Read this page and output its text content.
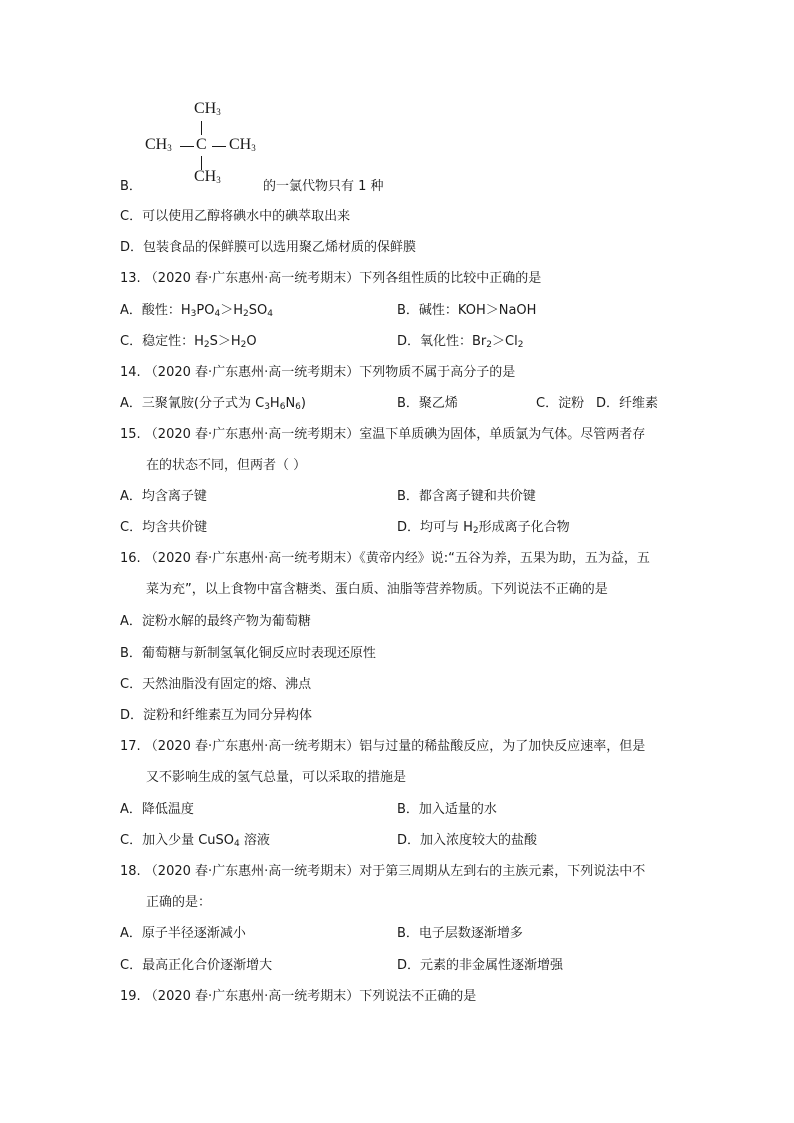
$CH_3$
$CH_3$ C $CH_3$
$CH_3$
B．	的一氯代物只有 1 种
C．可以使用乙醇将碘水中的碘萃取出来
D．包装食品的保鲜膜可以选用聚乙烯材质的保鲜膜
13. （2020 春·广东惠州·高一统考期末）下列各组性质的比较中正确的是
A．酸性：$H_3PO_4>H_2SO_4$	B．碱性：KOH＞NaOH
C．稳定性：$H_2S>H_2O$	D．氧化性：$Br_2>Cl_2$
14. （2020 春·广东惠州·高一统考期末）下列物质不属于高分子的是
A．三聚氰胺(分子式为 $C_3H_6N_6$)	B．聚乙烯	C．淀粉 D．纤维素
15. （2020 春·广东惠州·高一统考期末）室温下单质碘为固体，单质氯为气体。尽管两者存
在的状态不同，但两者（ ）
A．均含离子键	B．都含离子键和共价键
C．均含共价键	D．均可与 $H_2$形成离子化合物
16. （2020 春·广东惠州·高一统考期末）《黄帝内经》说:“五谷为养，五果为助，五为益，五
菜为充”，以上食物中富含糖类、蛋白质、油脂等营养物质。下列说法不正确的是
A．淀粉水解的最终产物为葡萄糖
B．葡萄糖与新制氢氧化铜反应时表现还原性
C．天然油脂没有固定的熔、沸点
D．淀粉和纤维素互为同分异构体
17. （2020 春·广东惠州·高一统考期末）铝与过量的稀盐酸反应，为了加快反应速率，但是
又不影响生成的氢气总量，可以采取的措施是
A．降低温度	B．加入适量的水
C．加入少量 CuSO$_4$ 溶液	D．加入浓度较大的盐酸
18. （2020 春·广东惠州·高一统考期末）对于第三周期从左到右的主族元素，下列说法中不
正确的是：
A．原子半径逐渐减小	B．电子层数逐渐增多
C．最高正化合价逐渐增大	D．元素的非金属性逐渐增强
19. （2020 春·广东惠州·高一统考期末）下列说法不正确的是
